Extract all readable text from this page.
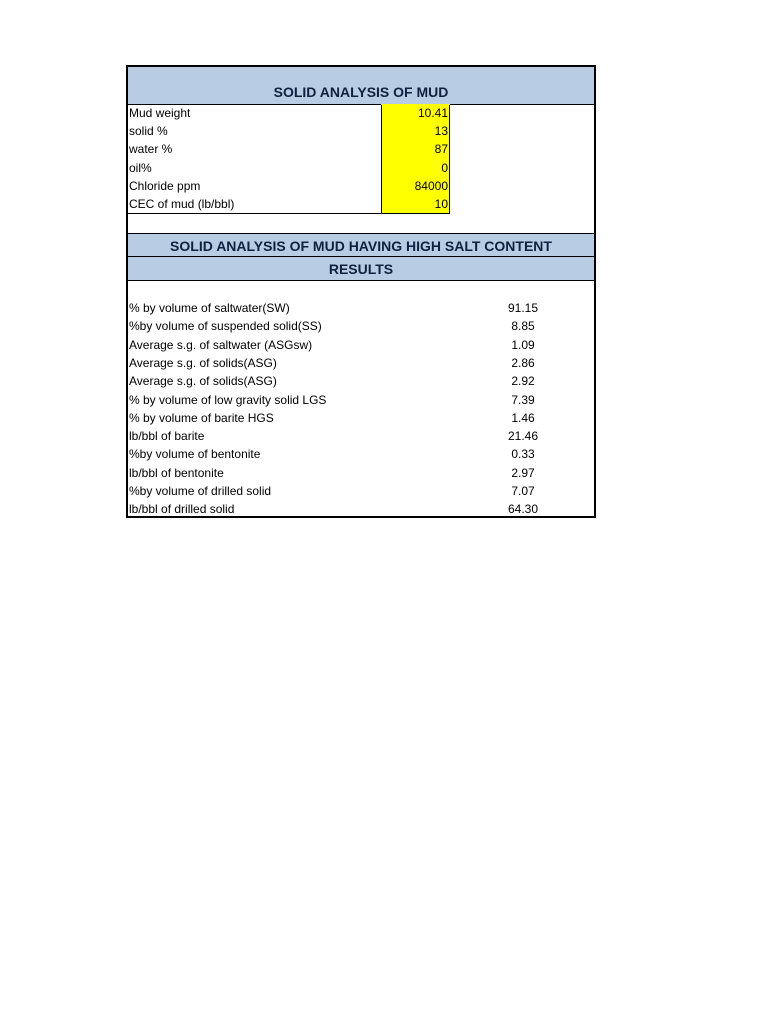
SOLID ANALYSIS OF MUD
Mud weight	10.41
solid %	13
water %	87
oil%	0
Chloride ppm	84000
CEC of mud (lb/bbl)	10
SOLID ANALYSIS OF MUD HAVING HIGH SALT CONTENT
RESULTS
% by volume of saltwater(SW)	91.15
%by volume of suspended solid(SS)	8.85
Average s.g. of saltwater (ASGsw)	1.09
Average s.g. of solids(ASG)	2.86
Average s.g. of solids(ASG)	2.92
% by volume of low gravity solid LGS	7.39
% by volume of barite HGS	1.46
lb/bbl of barite	21.46
%by volume of bentonite	0.33
lb/bbl of bentonite	2.97
%by volume of drilled solid	7.07
lb/bbl of drilled solid	64.30
